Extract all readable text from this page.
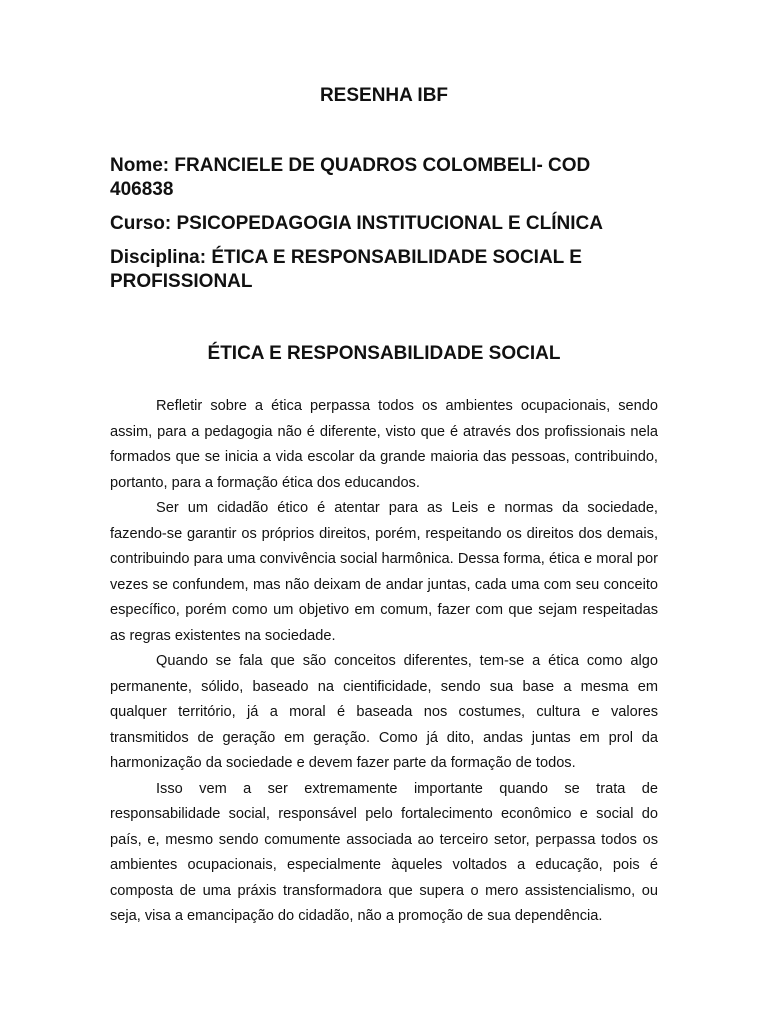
RESENHA IBF
Nome: FRANCIELE DE QUADROS COLOMBELI- COD 406838
Curso: PSICOPEDAGOGIA INSTITUCIONAL E CLÍNICA
Disciplina: ÉTICA E RESPONSABILIDADE SOCIAL E PROFISSIONAL
ÉTICA E RESPONSABILIDADE SOCIAL

Refletir sobre a ética perpassa todos os ambientes ocupacionais, sendo assim, para a pedagogia não é diferente, visto que é através dos profissionais nela formados que se inicia a vida escolar da grande maioria das pessoas, contribuindo, portanto, para a formação ética dos educandos.

Ser um cidadão ético é atentar para as Leis e normas da sociedade, fazendo-se garantir os próprios direitos, porém, respeitando os direitos dos demais, contribuindo para uma convivência social harmônica. Dessa forma, ética e moral por vezes se confundem, mas não deixam de andar juntas, cada uma com seu conceito específico, porém como um objetivo em comum, fazer com que sejam respeitadas as regras existentes na sociedade.

Quando se fala que são conceitos diferentes, tem-se a ética como algo permanente, sólido, baseado na cientificidade, sendo sua base a mesma em qualquer território, já a moral é baseada nos costumes, cultura e valores transmitidos de geração em geração. Como já dito, andas juntas em prol da harmonização da sociedade e devem fazer parte da formação de todos.

Isso vem a ser extremamente importante quando se trata de responsabilidade social, responsável pelo fortalecimento econômico e social do país, e, mesmo sendo comumente associada ao terceiro setor, perpassa todos os ambientes ocupacionais, especialmente àqueles voltados a educação, pois é composta de uma práxis transformadora que supera o mero assistencialismo, ou seja, visa a emancipação do cidadão, não a promoção de sua dependência.
